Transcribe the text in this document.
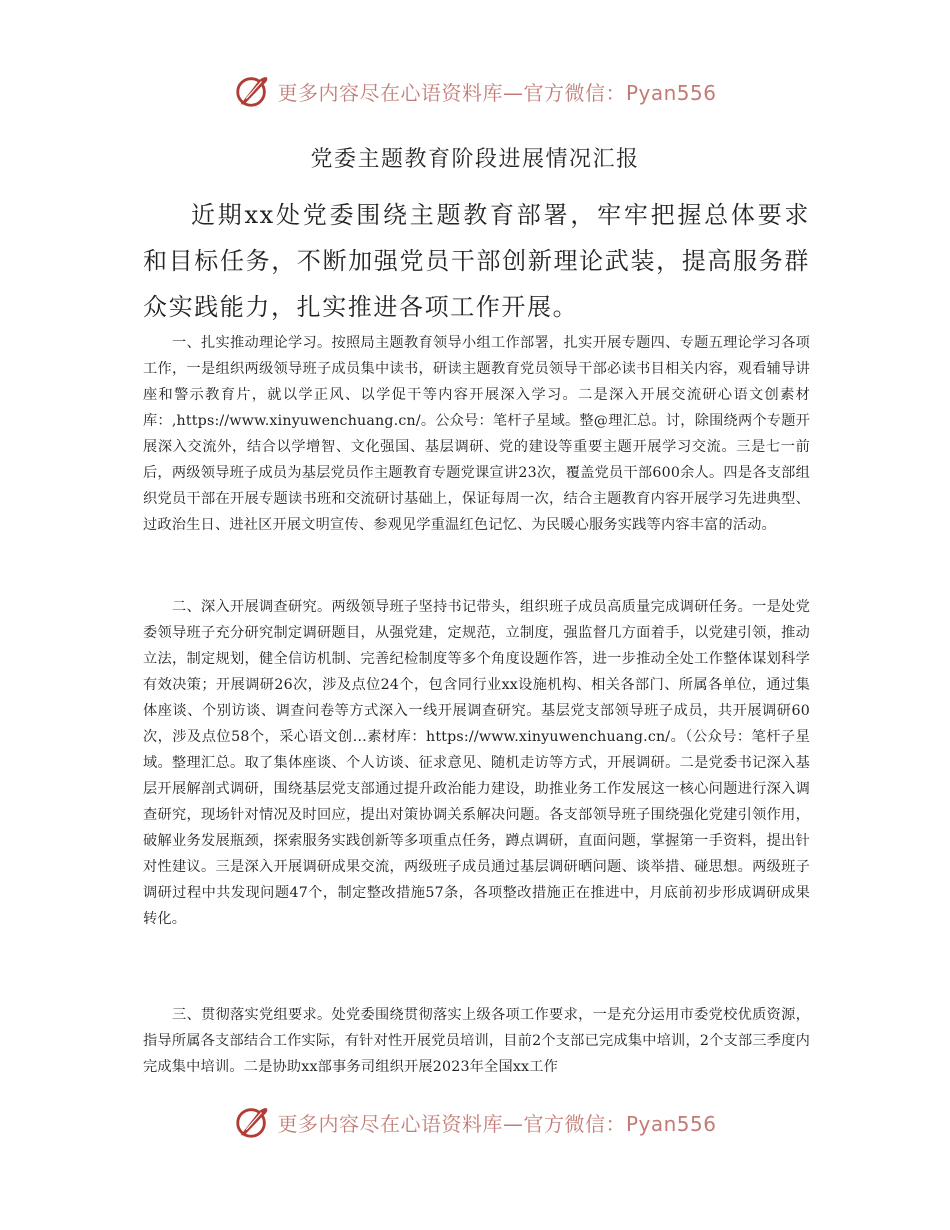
更多内容尽在心语资料库—官方微信：Pyan556
党委主题教育阶段进展情况汇报

近期xx处党委围绕主题教育部署，牢牢把握总体要求和目标任务，不断加强党员干部创新理论武装，提高服务群众实践能力，扎实推进各项工作开展。

一、扎实推动理论学习。按照局主题教育领导小组工作部署，扎实开展专题四、专题五理论学习各项工作，一是组织两级领导班子成员集中读书，研读主题教育党员领导干部必读书目相关内容，观看辅导讲座和警示教育片，就以学正风、以学促干等内容开展深入学习。二是深入开展交流研心语文创素材库：,https://www.xinyuwenchuang.cn/。公众号：笔杆子星域。整@理汇总。讨，除围绕两个专题开展深入交流外，结合以学增智、文化强国、基层调研、党的建设等重要主题开展学习交流。三是七一前后，两级领导班子成员为基层党员作主题教育专题党课宣讲23次，覆盖党员干部600余人。四是各支部组织党员干部在开展专题读书班和交流研讨基础上，保证每周一次，结合主题教育内容开展学习先进典型、过政治生日、进社区开展文明宣传、参观见学重温红色记忆、为民暖心服务实践等内容丰富的活动。

二、深入开展调查研究。两级领导班子坚持书记带头，组织班子成员高质量完成调研任务。一是处党委领导班子充分研究制定调研题目，从强党建，定规范，立制度，强监督几方面着手，以党建引领，推动立法，制定规划，健全信访机制、完善纪检制度等多个角度设题作答，进一步推动全处工作整体谋划科学有效决策；开展调研26次，涉及点位24个，包含同行业xx设施机构、相关各部门、所属各单位，通过集体座谈、个别访谈、调查问卷等方式深入一线开展调查研究。基层党支部领导班子成员，共开展调研60次，涉及点位58个，采心语文创…素材库：https://www.xinyuwenchuang.cn/。（公众号：笔杆子星域。整理汇总。取了集体座谈、个人访谈、征求意见、随机走访等方式，开展调研。二是党委书记深入基层开展解剖式调研，围绕基层党支部通过提升政治能力建设，助推业务工作发展这一核心问题进行深入调查研究，现场针对情况及时回应，提出对策协调关系解决问题。各支部领导班子围绕强化党建引领作用，破解业务发展瓶颈，探索服务实践创新等多项重点任务，蹲点调研，直面问题，掌握第一手资料，提出针对性建议。三是深入开展调研成果交流，两级班子成员通过基层调研晒问题、谈举措、碰思想。两级班子调研过程中共发现问题47个，制定整改措施57条，各项整改措施正在推进中，月底前初步形成调研成果转化。

三、贯彻落实党组要求。处党委围绕贯彻落实上级各项工作要求，一是充分运用市委党校优质资源，指导所属各支部结合工作实际，有针对性开展党员培训，目前2个支部已完成集中培训，2个支部三季度内完成集中培训。二是协助xx部事务司组织开展2023年全国xx工作

更多内容尽在心语资料库—官方微信：Pyan556
